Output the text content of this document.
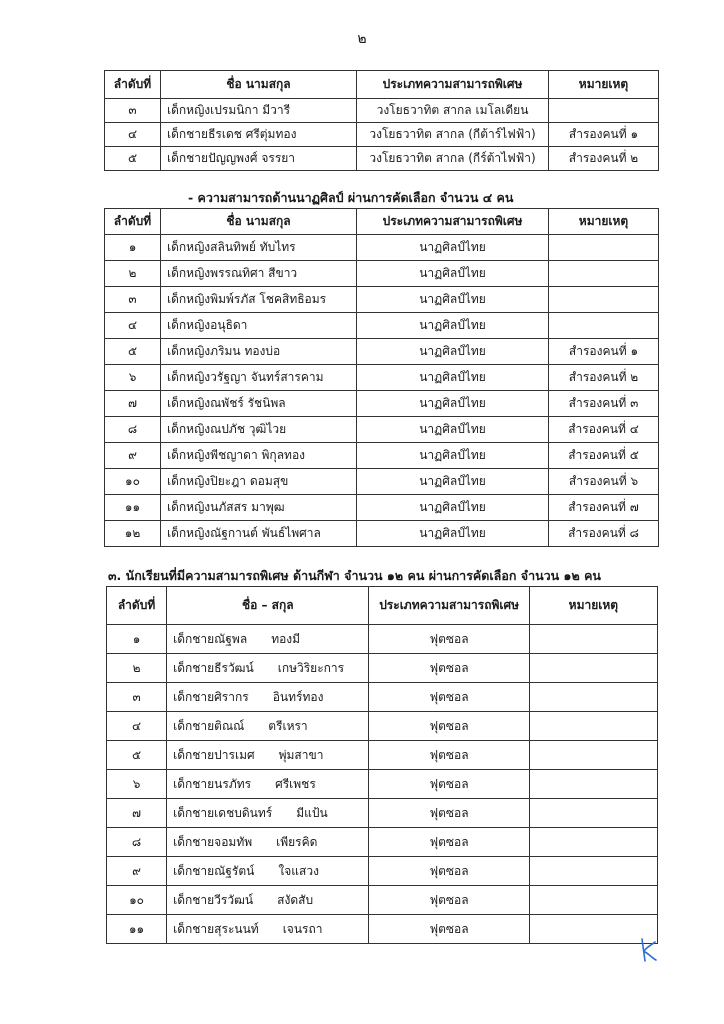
๒
ลำดับที่	ชื่อ นามสกุล	ประเภทความสามารถพิเศษ	หมายเหตุ
๓	เด็กหญิงเปรมนิกา มีวารี	วงโยธวาทิต สากล เมโลเดียน	
๔	เด็กชายธีรเดช ศรีตุ่มทอง	วงโยธวาทิต สากล (กีต้าร์ไฟฟ้า)	สำรองคนที่ ๑
๕	เด็กชายปัญญพงศ์ จรรยา	วงโยธวาทิต สากล (กีร์ต้าไฟฟ้า)	สำรองคนที่ ๒
- ความสามารถด้านนาฏศิลป์ ผ่านการคัดเลือก จำนวน ๔ คน
ลำดับที่	ชื่อ นามสกุล	ประเภทความสามารถพิเศษ	หมายเหตุ
๑	เด็กหญิงสลินทิพย์ ทับไทร	นาฏศิลป์ไทย	
๒	เด็กหญิงพรรณทิศา สีขาว	นาฏศิลป์ไทย	
๓	เด็กหญิงพิมพ์รภัส โชคสิทธิอมร	นาฏศิลป์ไทย	
๔	เด็กหญิงอนุธิดา	นาฏศิลป์ไทย	
๕	เด็กหญิงภริมน ทองบ่อ	นาฏศิลป์ไทย	สำรองคนที่ ๑
๖	เด็กหญิงวรัฐญา จันทร์สารคาม	นาฏศิลป์ไทย	สำรองคนที่ ๒
๗	เด็กหญิงณพัชร์ รัชนิพล	นาฏศิลป์ไทย	สำรองคนที่ ๓
๘	เด็กหญิงณปภัช วุฒิไวย	นาฏศิลป์ไทย	สำรองคนที่ ๔
๙	เด็กหญิงพีชญาดา พิกุลทอง	นาฏศิลป์ไทย	สำรองคนที่ ๕
๑๐	เด็กหญิงปิยะฎา ดอมสุข	นาฏศิลป์ไทย	สำรองคนที่ ๖
๑๑	เด็กหญิงนภัสสร มาพุฒ	นาฏศิลป์ไทย	สำรองคนที่ ๗
๑๒	เด็กหญิงณัฐกานต์ พันธ์ไพศาล	นาฏศิลป์ไทย	สำรองคนที่ ๘
๓. นักเรียนที่มีความสามารถพิเศษ ด้านกีฬา จำนวน ๑๒ คน ผ่านการคัดเลือก จำนวน ๑๒ คน
ลำดับที่	ชื่อ – สกุล	ประเภทความสามารถพิเศษ	หมายเหตุ
๑	เด็กชายณัฐพล ทองมี	ฟุตซอล	
๒	เด็กชายธีรวัฒน์ เกษวิริยะการ	ฟุตซอล	
๓	เด็กชายศิรากร อินทร์ทอง	ฟุตซอล	
๔	เด็กชายติณณ์ ตรีเหรา	ฟุตซอล	
๕	เด็กชายปารเมศ พุ่มสาขา	ฟุตซอล	
๖	เด็กชายนรภัทร ศรีเพชร	ฟุตซอล	
๗	เด็กชายเดชบดินทร์ มีแป้น	ฟุตซอล	
๘	เด็กชายจอมทัพ เพียรคิด	ฟุตซอล	
๙	เด็กชายณัฐรัตน์ ใจแสวง	ฟุตซอล	
๑๐	เด็กชายวีรวัฒน์ สงัดสับ	ฟุตซอล	
๑๑	เด็กชายสุระนนท์ เจนรถา	ฟุตซอล	
